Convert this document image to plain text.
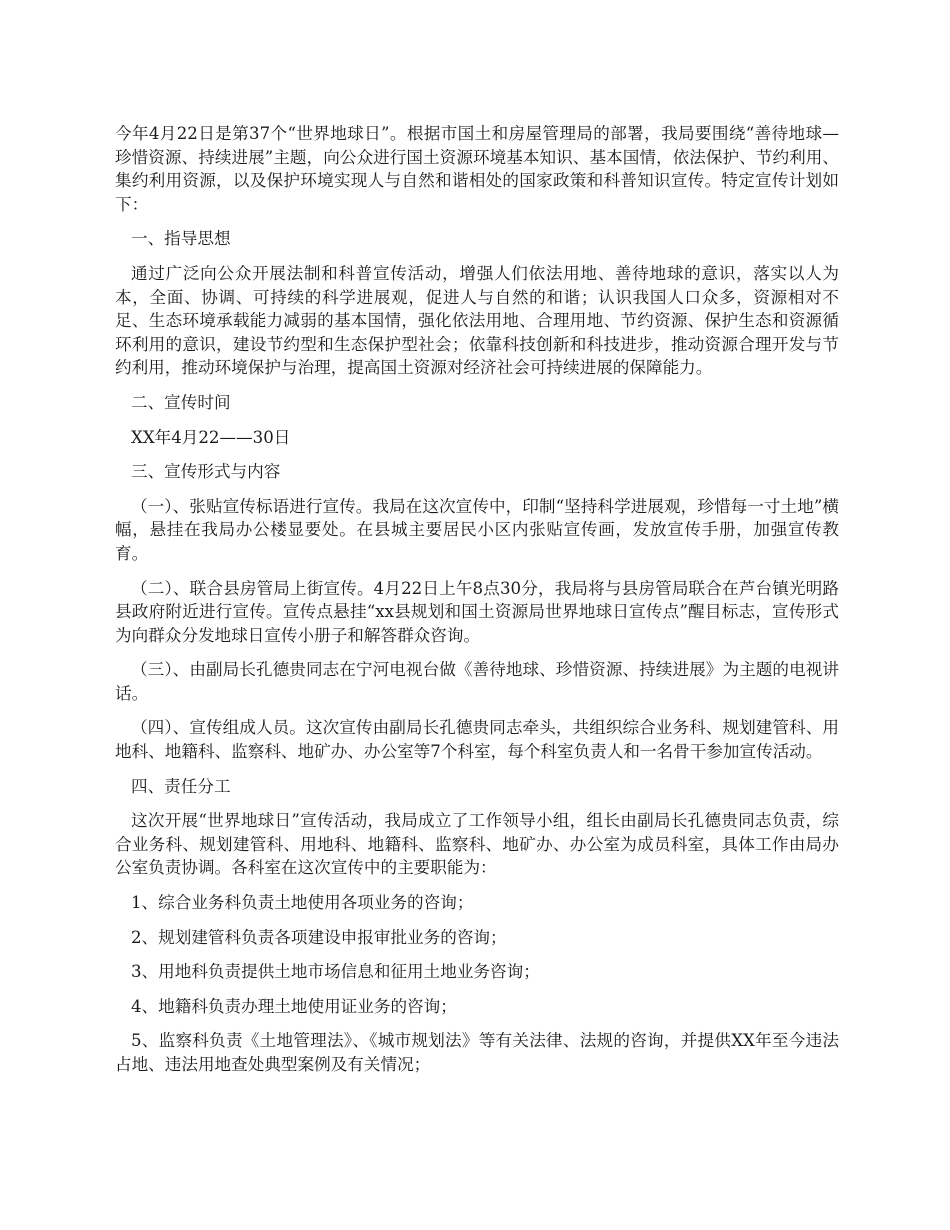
今年4月22日是第37个“世界地球日”。根据市国土和房屋管理局的部署，我局要围绕“善待地球—珍惜资源、持续进展”主题，向公众进行国土资源环境基本知识、基本国情，依法保护、节约利用、集约利用资源，以及保护环境实现人与自然和谐相处的国家政策和科普知识宣传。特定宣传计划如下：

一、指导思想

通过广泛向公众开展法制和科普宣传活动，增强人们依法用地、善待地球的意识，落实以人为本，全面、协调、可持续的科学进展观，促进人与自然的和谐；认识我国人口众多，资源相对不足、生态环境承载能力减弱的基本国情，强化依法用地、合理用地、节约资源、保护生态和资源循环利用的意识，建设节约型和生态保护型社会；依靠科技创新和科技进步，推动资源合理开发与节约利用，推动环境保护与治理，提高国土资源对经济社会可持续进展的保障能力。

二、宣传时间

XX年4月22——30日

三、宣传形式与内容

（一）、张贴宣传标语进行宣传。我局在这次宣传中，印制“坚持科学进展观，珍惜每一寸土地”横幅，悬挂在我局办公楼显要处。在县城主要居民小区内张贴宣传画，发放宣传手册，加强宣传教育。

（二）、联合县房管局上街宣传。4月22日上午8点30分，我局将与县房管局联合在芦台镇光明路县政府附近进行宣传。宣传点悬挂“xx县规划和国土资源局世界地球日宣传点”醒目标志，宣传形式为向群众分发地球日宣传小册子和解答群众咨询。

（三）、由副局长孔德贵同志在宁河电视台做《善待地球、珍惜资源、持续进展》为主题的电视讲话。

（四）、宣传组成人员。这次宣传由副局长孔德贵同志牵头，共组织综合业务科、规划建管科、用地科、地籍科、监察科、地矿办、办公室等7个科室，每个科室负责人和一名骨干参加宣传活动。

四、责任分工

这次开展“世界地球日”宣传活动，我局成立了工作领导小组，组长由副局长孔德贵同志负责，综合业务科、规划建管科、用地科、地籍科、监察科、地矿办、办公室为成员科室，具体工作由局办公室负责协调。各科室在这次宣传中的主要职能为：

1、综合业务科负责土地使用各项业务的咨询；

2、规划建管科负责各项建设申报审批业务的咨询；

3、用地科负责提供土地市场信息和征用土地业务咨询；

4、地籍科负责办理土地使用证业务的咨询；

5、监察科负责《土地管理法》、《城市规划法》等有关法律、法规的咨询，并提供XX年至今违法占地、违法用地查处典型案例及有关情况；
